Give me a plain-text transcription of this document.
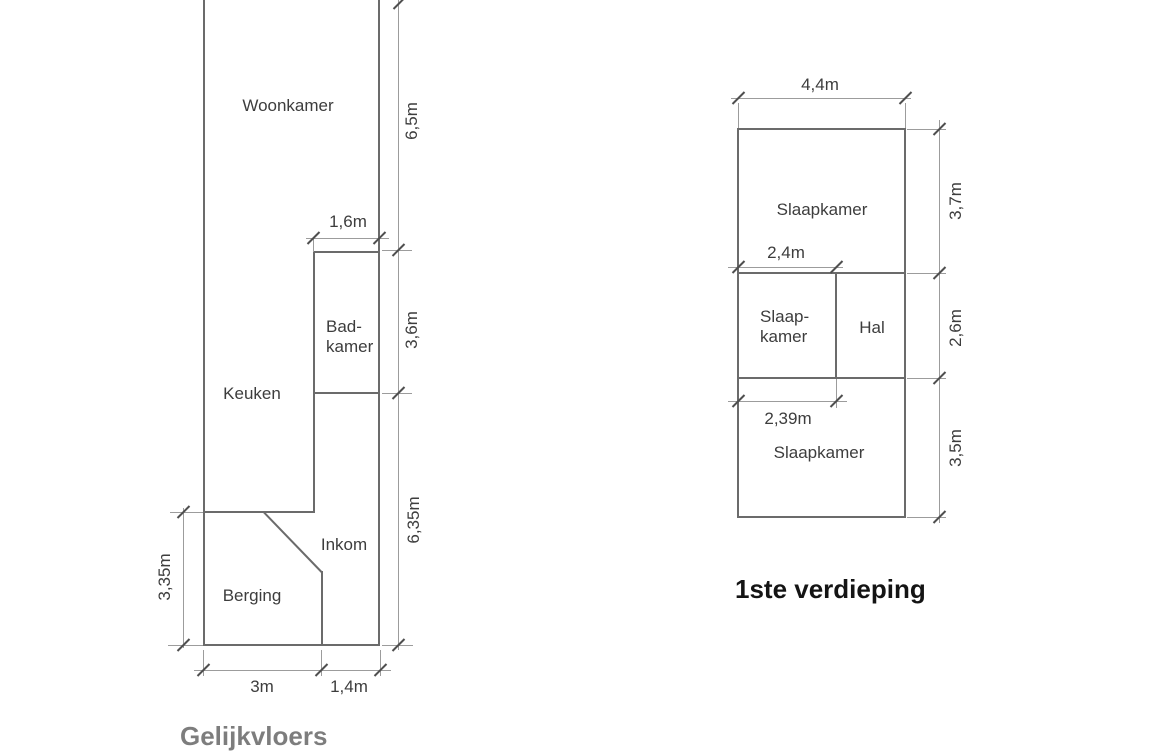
Woonkamer
Keuken
Bad-
kamer
Inkom
Berging
1,6m
6,5m
3,6m
6,35m
3,35m
3m	1,4m
Gelijkvloers
Slaapkamer
Slaap-
kamer
Hal
Slaapkamer
4,4m
2,4m
2,39m
3,7m
2,6m
3,5m
1ste verdieping
